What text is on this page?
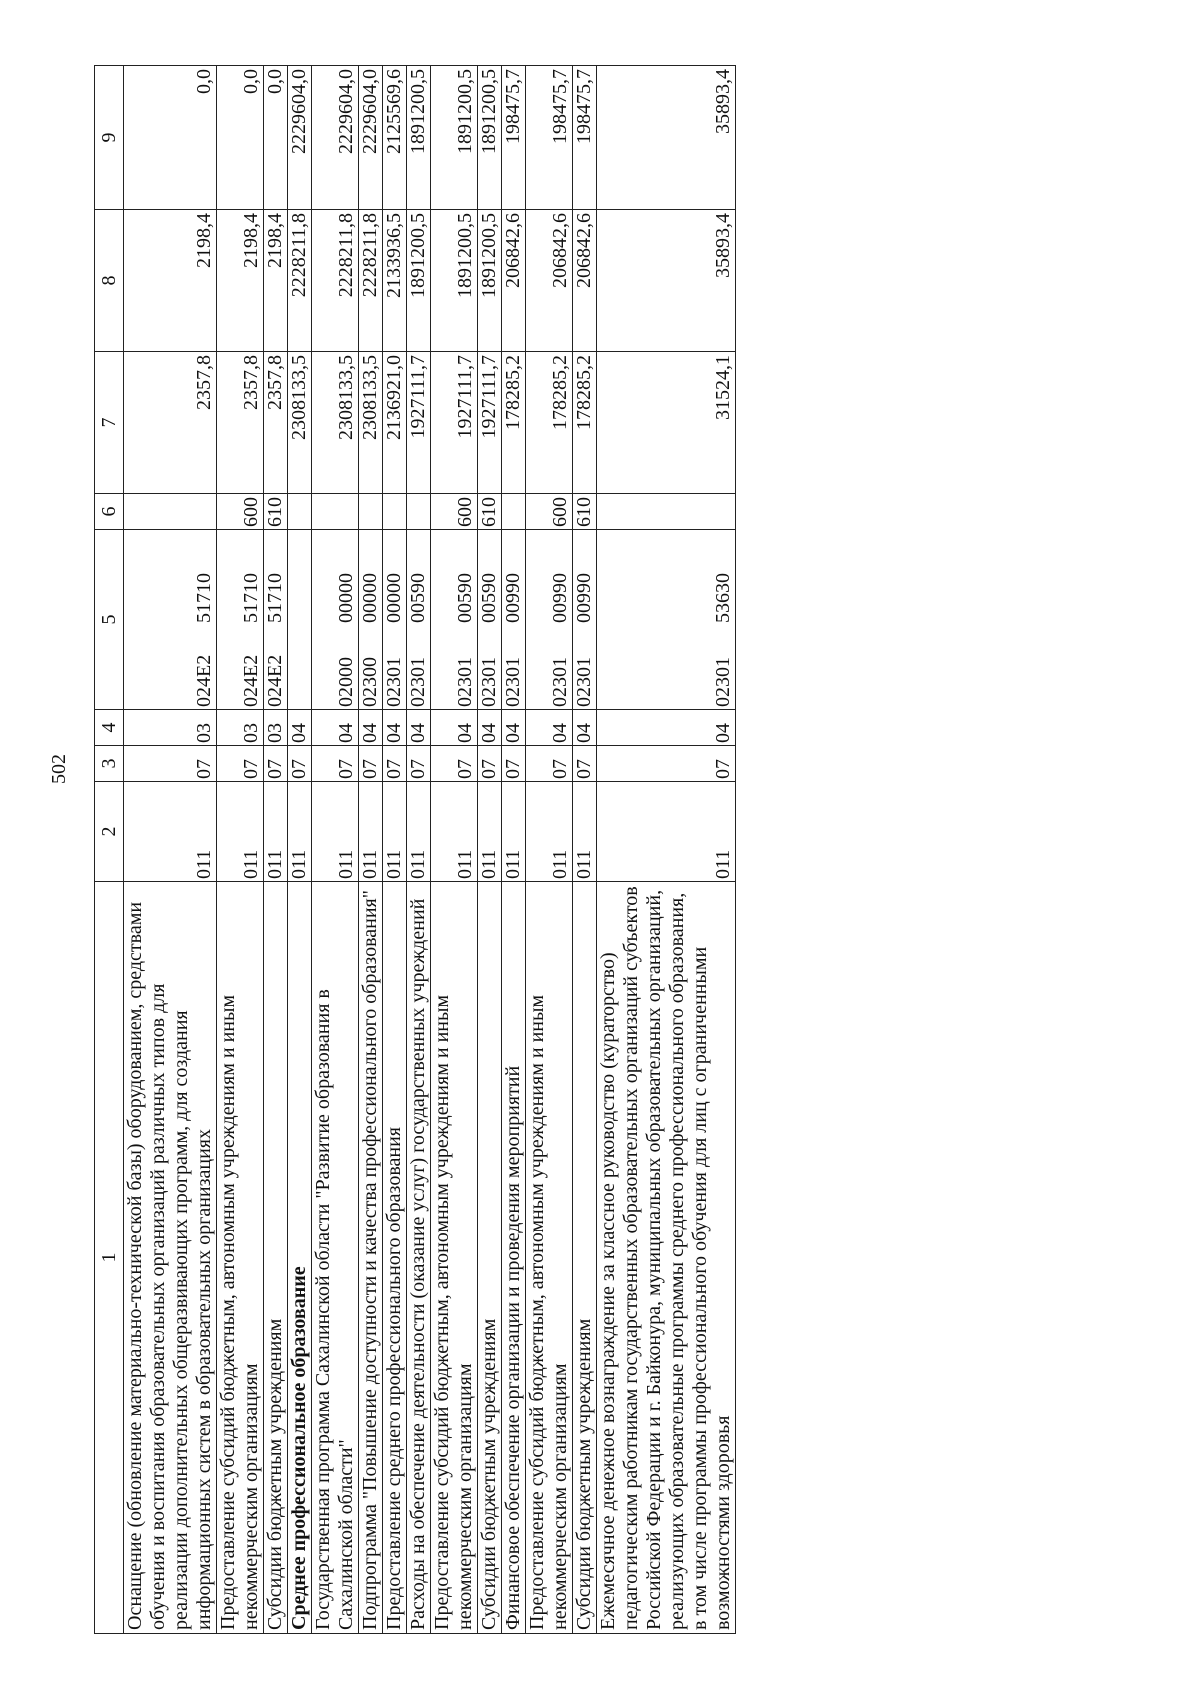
502
1	2	3	4	5	6	7	8	9
Оснащение (обновление материально-технической базы) оборудованием, средствами обучения и воспитания образовательных организаций различных типов для реализации дополнительных общеразвивающих программ, для создания информационных систем в образовательных организациях	011	07	03	024E251710		2357,8	2198,4	0,0
Предоставление субсидий бюджетным, автономным учреждениям и иным некоммерческим организациям	011	07	03	024E251710	600	2357,8	2198,4	0,0
Субсидии бюджетным учреждениям	011	07	03	024E251710	610	2357,8	2198,4	0,0
Среднее профессиональное образование	011	07	04			2308133,5	2228211,8	2229604,0
Государственная программа Сахалинской области "Развитие образования в Сахалинской области"	011	07	04	0200000000		2308133,5	2228211,8	2229604,0
Подпрограмма "Повышение доступности и качества профессионального образования"	011	07	04	0230000000		2308133,5	2228211,8	2229604,0
Предоставление среднего профессионального образования	011	07	04	0230100000		2136921,0	2133936,5	2125569,6
Расходы на обеспечение деятельности (оказание услуг) государственных учреждений	011	07	04	0230100590		1927111,7	1891200,5	1891200,5
Предоставление субсидий бюджетным, автономным учреждениям и иным некоммерческим организациям	011	07	04	0230100590	600	1927111,7	1891200,5	1891200,5
Субсидии бюджетным учреждениям	011	07	04	0230100590	610	1927111,7	1891200,5	1891200,5
Финансовое обеспечение организации и проведения мероприятий	011	07	04	0230100990		178285,2	206842,6	198475,7
Предоставление субсидий бюджетным, автономным учреждениям и иным некоммерческим организациям	011	07	04	0230100990	600	178285,2	206842,6	198475,7
Субсидии бюджетным учреждениям	011	07	04	0230100990	610	178285,2	206842,6	198475,7
Ежемесячное денежное вознаграждение за классное руководство (кураторство) педагогическим работникам государственных образовательных организаций субъектов Российской Федерации и г. Байконура, муниципальных образовательных организаций, реализующих образовательные программы среднего профессионального образования, в том числе программы профессионального обучения для лиц с ограниченными возможностями здоровья	011	07	04	0230153630		31524,1	35893,4	35893,4
